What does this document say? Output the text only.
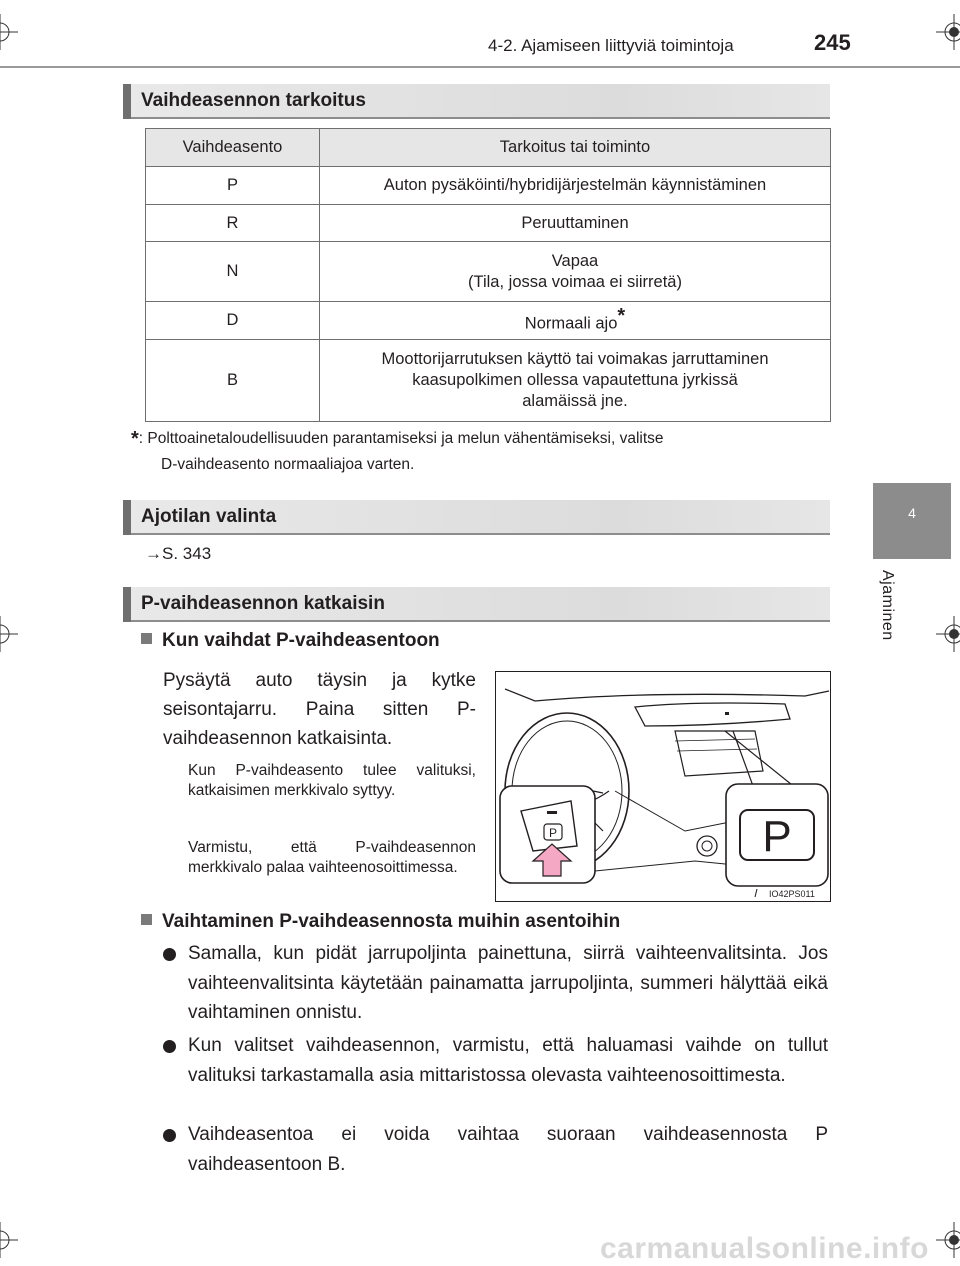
4-2. Ajamiseen liittyviä toimintoja	245
4
Ajaminen
Vaihdeasennon tarkoitus
Vaihdeasento	Tarkoitus tai toiminto
P	Auton pysäköinti/hybridijärjestelmän käynnistäminen
R	Peruuttaminen
N	Vapaa
(Tila, jossa voimaa ei siirretä)
D	Normaali ajo*
B	Moottorijarrutuksen käyttö tai voimakas jarruttaminen
kaasupolkimen ollessa vapautettuna jyrkissä
alamäissä jne.
*: Polttoainetaloudellisuuden parantamiseksi ja melun vähentämiseksi, valitse
D-vaihdeasento normaaliajoa varten.
Ajotilan valinta
→S. 343
P-vaihdeasennon katkaisin
Kun vaihdat P-vaihdeasentoon
Pysäytä auto täysin ja kytke seisontajarru. Paina sitten P-vaihdeasennon katkaisinta.
Kun P-vaihdeasento tulee valituksi, katkaisimen merkkivalo syttyy.
Varmistu, että P-vaihdeasennon merkkivalo palaa vaihteenosoittimessa.
P	P
IO42PS011
Vaihtaminen P-vaihdeasennosta muihin asentoihin
Samalla, kun pidät jarrupoljinta painettuna, siirrä vaihteenvalitsinta. Jos vaihteenvalitsinta käytetään painamatta jarrupoljinta, summeri hälyttää eikä vaihtaminen onnistu.
Kun valitset vaihdeasennon, varmistu, että haluamasi vaihde on tullut valituksi tarkastamalla asia mittaristossa olevasta vaihteenosoittimesta.
Vaihdeasentoa ei voida vaihtaa suoraan vaihdeasennosta P vaihdeasentoon B.
carmanualsonline.info
